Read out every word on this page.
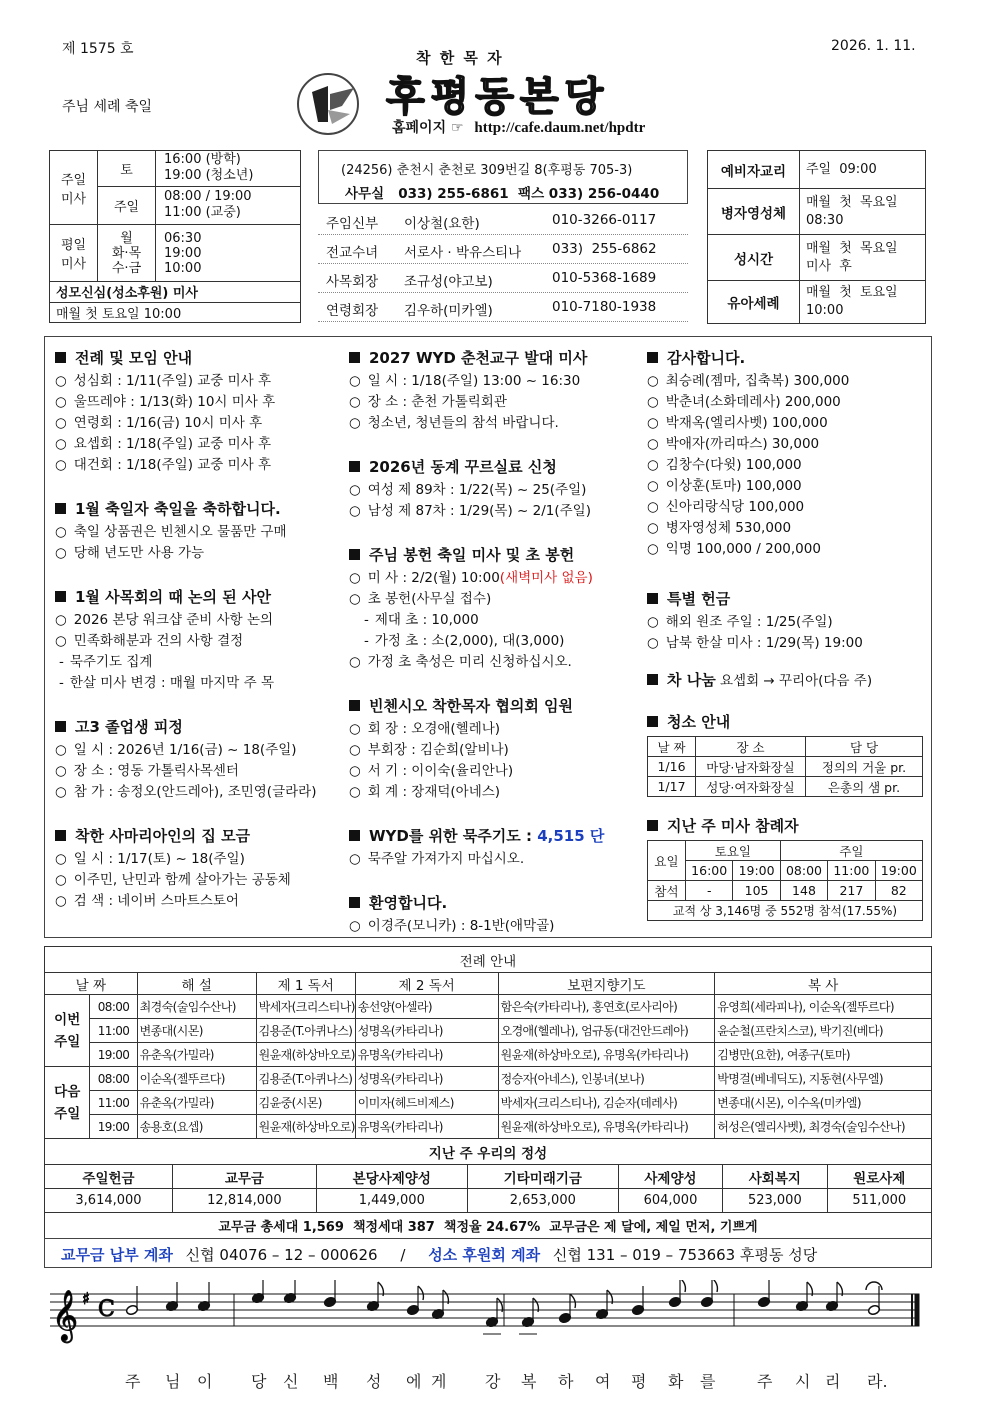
제 1575 호	2026. 1. 11.
주님 세례 축일
착 한 목 자
후평동본당
홈페이지 ☞ http://cafe.daum.net/hpdtr
주일
미사	토	16:00 (방학)
19:00 (청소년)
	주일	08:00 / 19:00
11:00 (교중)
평일
미사	월
화·목
수·금	06:30
19:00
10:00
성모신심(성소후원) 미사		
매월 첫 토요일 10:00		
(24256) 춘천시 춘천로 309번길 8(후평동 705-3)
사무실   033) 255-6861  팩스 033) 256-0440
주임신부 이상철(요한)	010-3266-0117
전교수녀 서로사 · 박유스티나 033)  255-6862
사목회장 조규성(야고보)	010-5368-1689
연령회장 김우하(미카엘)	010-7180-1938
예비자교리	주일 09:00
병자영성체	매월 첫 목요일
08:30
성시간	매월 첫 목요일
미사 후
유아세례	매월 첫 토요일
10:00
전례 및 모임 안내
○ 성심회 : 1/11(주일) 교중 미사 후
○ 울뜨레야 : 1/13(화) 10시 미사 후
○ 연령회 : 1/16(금) 10시 미사 후
○ 요셉회 : 1/18(주일) 교중 미사 후
○ 대건회 : 1/18(주일) 교중 미사 후
1월 축일자 축일을 축하합니다.
○ 축일 상품권은 빈첸시오 물품만 구매
○ 당해 년도만 사용 가능
1월 사목회의 때 논의 된 사안
○ 2026 본당 워크샵 준비 사항 논의
○ 민족화해분과 건의 사항 결정
- 묵주기도 집계
- 한살 미사 변경 : 매월 마지막 주 목
고3 졸업생 피정
○ 일 시 : 2026년 1/16(금) ~ 18(주일)
○ 장 소 : 영동 가톨릭사목센터
○ 참 가 : 송정오(안드레아), 조민영(글라라)
착한 사마리아인의 집 모금
○ 일 시 : 1/17(토) ~ 18(주일)
○ 이주민, 난민과 함께 살아가는 공동체
○ 검 색 : 네이버 스마트스토어
2027 WYD 춘천교구 발대 미사
○ 일 시 : 1/18(주일) 13:00 ~ 16:30
○ 장 소 : 춘천 가톨릭회관
○ 청소년, 청년들의 참석 바랍니다.
2026년 동계 꾸르실료 신청
○ 여성 제 89차 : 1/22(목) ~ 25(주일)
○ 남성 제 87차 : 1/29(목) ~ 2/1(주일)
주님 봉헌 축일 미사 및 초 봉헌
○ 미 사 : 2/2(월) 10:00(새벽미사 없음)
○ 초 봉헌(사무실 접수)
- 제대 초 : 10,000
- 가정 초 : 소(2,000), 대(3,000)
○ 가정 초 축성은 미리 신청하십시오.
빈첸시오 착한목자 협의회 임원
○ 회 장 : 오경애(헬레나)
○ 부회장 : 김순희(알비나)
○ 서 기 : 이이숙(율리안나)
○ 회 계 : 장재덕(아네스)
WYD를 위한 묵주기도 : 4,515 단
○ 묵주알 가져가지 마십시오.
환영합니다.
○ 이경주(모니카) : 8-1반(애막골)
감사합니다.
○ 최승례(젬마, 집축복) 300,000
○ 박춘녀(소화데레사) 200,000
○ 박재옥(엘리사벳) 100,000
○ 박애자(까리따스) 30,000
○ 김창수(다윗) 100,000
○ 이상훈(토마) 100,000
○ 신아리랑식당 100,000
○ 병자영성체 530,000
○ 익명 100,000 / 200,000
특별 헌금
○ 해외 원조 주일 : 1/25(주일)
○ 남북 한살 미사 : 1/29(목) 19:00
차 나눔 요셉회 → 꾸리아(다음 주)
청소 안내
날 짜	장 소	담 당
1/16	마당·남자화장실	정의의 거울 pr.
1/17	성당·여자화장실	은총의 샘 pr.
지난 주 미사 참례자
요일	토요일		주일		
	16:00	19:00	08:00	11:00	19:00
참석	-	105	148	217	82
교적 상 3,146명 중 552명 참석(17.55%)					
전례 안내						
날 짜		해 설	제 1 독서	제 2 독서	보편지향기도	복 사
이번
주일	08:00	최경숙(술임수산나)	박세자(크리스티나)	송선양(아셀라)	함은숙(카타리나), 홍연호(로사리아)	유영희(세라피나), 이순옥(젤뚜르다)
	11:00	변종대(시몬)	김용준(T.아퀴나스)	성명옥(카타리나)	오경애(헬레나), 엄규동(대건안드레아)	윤순철(프란치스코), 박기진(베다)
	19:00	유춘옥(가밀라)	원윤재(하상바오로)	유명옥(카타리나)	원윤재(하상바오로), 유명옥(카타리나)	김병만(요한), 여종구(토마)
다음
주일	08:00	이순옥(젤뚜르다)	김용준(T.아퀴나스)	성명옥(카타리나)	정승자(아네스), 인봉녀(보나)	박명걸(베네딕도), 지동현(사무엘)
	11:00	유춘옥(가밀라)	김윤중(시몬)	이미자(헤드비제스)	박세자(크리스티나), 김순자(데레사)	변종대(시몬), 이수옥(미카엘)
	19:00	송용호(요셉)	원윤재(하상바오로)	유명옥(카타리나)	원윤재(하상바오로), 유명옥(카타리나)	허성은(엘리사벳), 최경숙(술임수산나)
지난 주 우리의 정성						
주일헌금	교무금	본당사제양성	기타미래기금	사제양성	사회복지	원로사제
3,614,000	12,814,000	1,449,000	2,653,000	604,000	523,000	511,000
교무금 총세대 1,569  책정세대 387  책정율 24.67%  교무금은 제 달에, 제일 먼저, 기쁘게						
교무금 납부 계좌 신협 04076 – 12 – 000626 / 성소 후원회 계좌 신협 131 – 019 – 753663 후평동 성당
𝄞 ♯ C
주 님 이 당 신 백 성 에 게 강 복 하 여 평 화 를	주 시 리 라.
